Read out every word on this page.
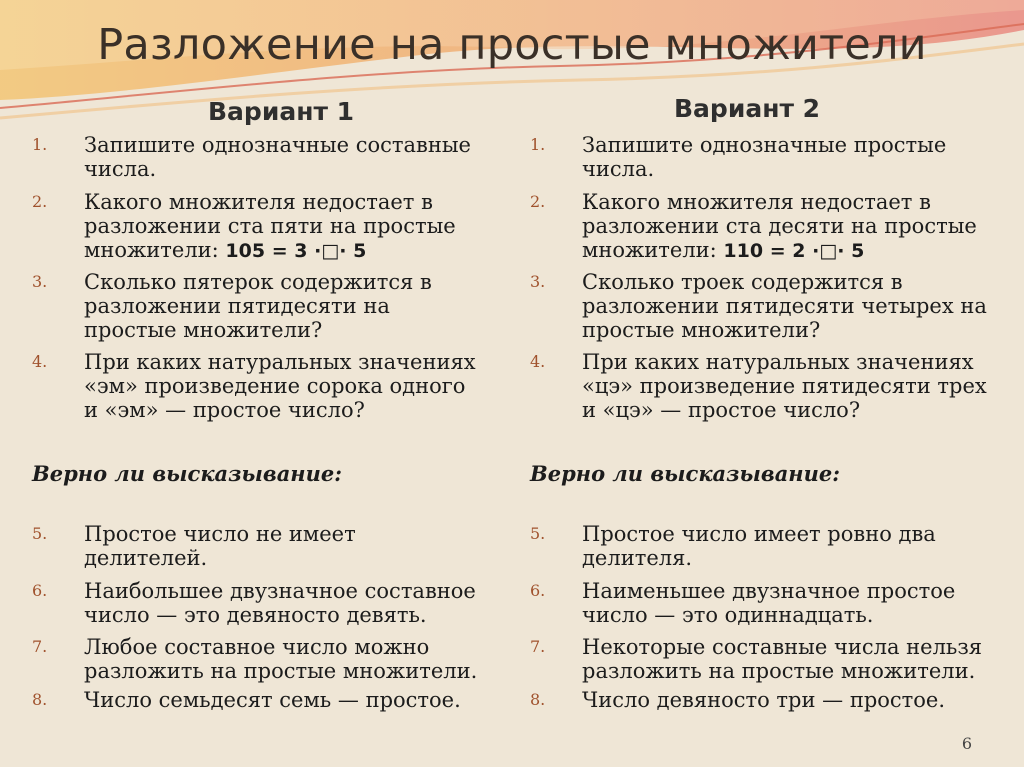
Разложение на простые множители
Вариант 1	Вариант 2
1. Запишите однозначные составные
числа.
2. Какого множителя недостает в
разложении ста пяти на простые
множители: 105 = 3 ·□· 5
3. Сколько пятерок содержится в
разложении пятидесяти на
простые множители?
4. При каких натуральных значениях
«эм» произведение сорока одного
и «эм» — простое число?
Верно ли высказывание:
5. Простое число не имеет
делителей.
6. Наибольшее двузначное составное
число — это девяносто девять.
7. Любое составное число можно
разложить на простые множители.
8. Число семьдесят семь — простое.
1. Запишите однозначные простые
числа.
2. Какого множителя недостает в
разложении ста десяти на простые
множители: 110 = 2 ·□· 5
3. Сколько троек содержится в
разложении пятидесяти четырех на
простые множители?
4. При каких натуральных значениях
«цэ» произведение пятидесяти трех
и «цэ» — простое число?
Верно ли высказывание:
5. Простое число имеет ровно два
делителя.
6. Наименьшее двузначное простое
число — это одиннадцать.
7. Некоторые составные числа нельзя
разложить на простые множители.
8. Число девяносто три — простое.
6
